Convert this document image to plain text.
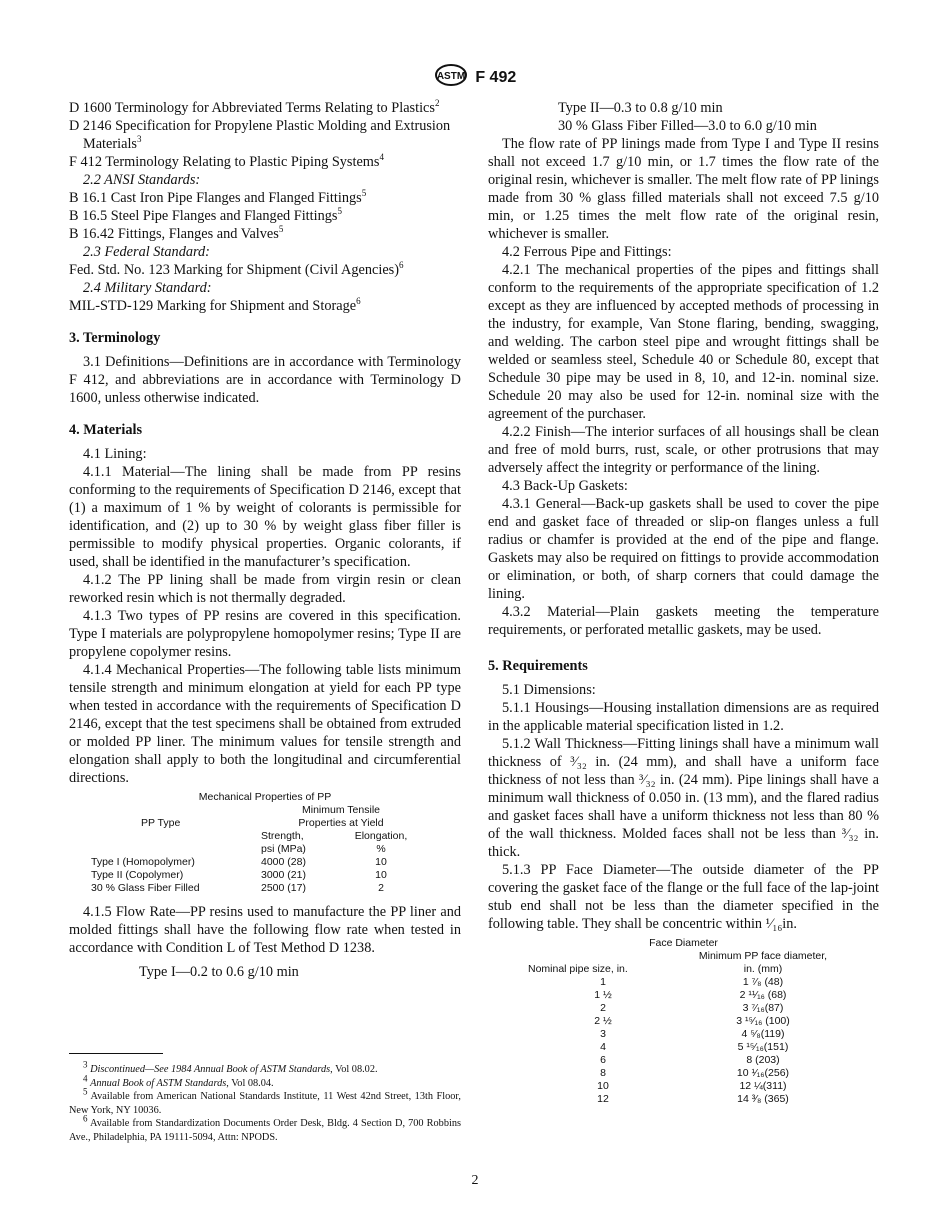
ASTM F 492

D 1600 Terminology for Abbreviated Terms Relating to Plastics$^2$

D 2146 Specification for Propylene Plastic Molding and Extrusion Materials$^3$

F 412 Terminology Relating to Plastic Piping Systems$^4$

2.2 ANSI Standards:

B 16.1 Cast Iron Pipe Flanges and Flanged Fittings$^5$

B 16.5 Steel Pipe Flanges and Flanged Fittings$^5$

B 16.42 Fittings, Flanges and Valves$^5$

2.3 Federal Standard:

Fed. Std. No. 123 Marking for Shipment (Civil Agencies)$^6$

2.4 Military Standard:

MIL-STD-129 Marking for Shipment and Storage$^6$

3. Terminology

3.1 Definitions—Definitions are in accordance with Terminology F 412, and abbreviations are in accordance with Terminology D 1600, unless otherwise indicated.

4. Materials

4.1 Lining:

4.1.1 Material—The lining shall be made from PP resins conforming to the requirements of Specification D 2146, except that (1) a maximum of 1 % by weight of colorants is permissible for identification, and (2) up to 30 % by weight glass fiber filler is permissible to modify physical properties. Organic colorants, if used, shall be identified in the manufacturer’s specification.

4.1.2 The PP lining shall be made from virgin resin or clean reworked resin which is not thermally degraded.

4.1.3 Two types of PP resins are covered in this specification. Type I materials are polypropylene homopolymer resins; Type II are propylene copolymer resins.

4.1.4 Mechanical Properties—The following table lists minimum tensile strength and minimum elongation at yield for each PP type when tested in accordance with the requirements of Specification D 2146, except that the test specimens shall be obtained from extruded or molded PP liner. The minimum values for tensile strength and elongation shall apply to both the longitudinal and circumferential directions.

Mechanical Properties of PP
	Minimum Tensile	
PP Type	Properties at Yield	
	Strength,	Elongation,
	psi (MPa)	%
Type I (Homopolymer)	4000 (28)	10
Type II (Copolymer)	3000 (21)	10
30 % Glass Fiber Filled	2500 (17)	2

4.1.5 Flow Rate—PP resins used to manufacture the PP liner and molded fittings shall have the following flow rate when tested in accordance with Condition L of Test Method D 1238.

Type I—0.2 to 0.6 g/10 min

$^3$ Discontinued—See 1984 Annual Book of ASTM Standards, Vol 08.02.

$^4$ Annual Book of ASTM Standards, Vol 08.04.

$^5$ Available from American National Standards Institute, 11 West 42nd Street, 13th Floor, New York, NY 10036.

$^6$ Available from Standardization Documents Order Desk, Bldg. 4 Section D, 700 Robbins Ave., Philadelphia, PA 19111-5094, Attn: NPODS.

Type II—0.3 to 0.8 g/10 min

30 % Glass Fiber Filled—3.0 to 6.0 g/10 min

The flow rate of PP linings made from Type I and Type II resins shall not exceed 1.7 g/10 min, or 1.7 times the flow rate of the original resin, whichever is smaller. The melt flow rate of PP linings made from 30 % glass filled materials shall not exceed 7.5 g/10 min, or 1.25 times the melt flow rate of the original resin, whichever is smaller.

4.2 Ferrous Pipe and Fittings:

4.2.1 The mechanical properties of the pipes and fittings shall conform to the requirements of the appropriate specification of 1.2 except as they are influenced by accepted methods of processing in the industry, for example, Van Stone flaring, bending, swagging, and welding. The carbon steel pipe and wrought fittings shall be welded or seamless steel, Schedule 40 or Schedule 80, except that Schedule 30 pipe may be used in 8, 10, and 12-in. nominal size. Schedule 20 may also be used for 12-in. nominal size with the agreement of the purchaser.

4.2.2 Finish—The interior surfaces of all housings shall be clean and free of mold burrs, rust, scale, or other protrusions that may adversely affect the integrity or performance of the lining.

4.3 Back-Up Gaskets:

4.3.1 General—Back-up gaskets shall be used to cover the pipe end and gasket face of threaded or slip-on flanges unless a full radius or chamfer is provided at the end of the pipe and flange. Gaskets may also be required on fittings to provide accommodation or elimination, or both, of sharp corners that could damage the lining.

4.3.2 Material—Plain gaskets meeting the temperature requirements, or perforated metallic gaskets, may be used.

5. Requirements

5.1 Dimensions:

5.1.1 Housings—Housing installation dimensions are as required in the applicable material specification listed in 1.2.

5.1.2 Wall Thickness—Fitting linings shall have a minimum wall thickness of ³⁄₃₂ in. (24 mm), and shall have a uniform face thickness of not less than ³⁄₃₂ in. (24 mm). Pipe linings shall have a minimum wall thickness of 0.050 in. (13 mm), and the flared radius and gasket faces shall have a uniform thickness not less than 80 % of the wall thickness. Molded faces shall not be less than ³⁄₃₂ in. thick.

5.1.3 PP Face Diameter—The outside diameter of the PP covering the gasket face of the flange or the full face of the lap-joint stub end shall not be less than the diameter specified in the following table. They shall be concentric within ¹⁄₁₆in.

Face Diameter
	Minimum PP face diameter,
Nominal pipe size, in.	in. (mm)
1	1 ⁷⁄₈ (48)
1 ½	2 ¹¹⁄₁₆ (68)
2	3 ⁷⁄₁₆(87)
2 ½	3 ¹⁵⁄₁₆ (100)
3	4 ⁵⁄₈(119)
4	5 ¹⁵⁄₁₆(151)
6	8 (203)
8	10 ¹⁄₁₆(256)
10	12 ¼(311)
12	14 ³⁄₈ (365)
2
